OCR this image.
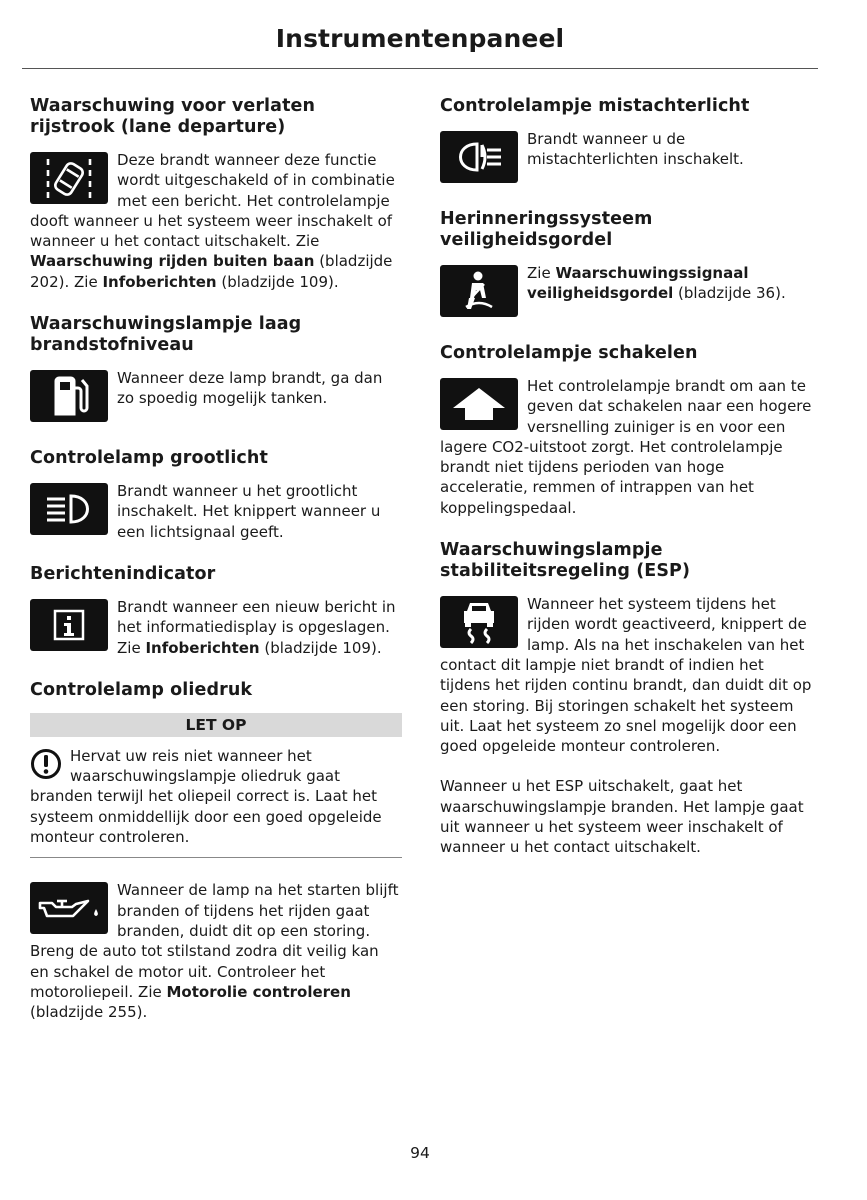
Instrumentenpaneel
Waarschuwing voor verlaten rijstrook (lane departure)

Deze brandt wanneer deze functie wordt uitgeschakeld of in combinatie met een bericht. Het controlelampje dooft wanneer u het systeem weer inschakelt of wanneer u het contact uitschakelt. Zie Waarschuwing rijden buiten baan (bladzijde 202). Zie Infoberichten (bladzijde 109).

Waarschuwingslampje laag brandstofniveau

Wanneer deze lamp brandt, ga dan zo spoedig mogelijk tanken.

Controlelamp grootlicht

Brandt wanneer u het grootlicht inschakelt. Het knippert wanneer u een lichtsignaal geeft.

Berichtenindicator

Brandt wanneer een nieuw bericht in het informatiedisplay is opgeslagen. Zie Infoberichten (bladzijde 109).

Controlelamp oliedruk
LET OP

Hervat uw reis niet wanneer het waarschuwingslampje oliedruk gaat branden terwijl het oliepeil correct is. Laat het systeem onmiddellijk door een goed opgeleide monteur controleren.

Wanneer de lamp na het starten blijft branden of tijdens het rijden gaat branden, duidt dit op een storing. Breng de auto tot stilstand zodra dit veilig kan en schakel de motor uit. Controleer het motoroliepeil. Zie Motorolie controleren (bladzijde 255).

Controlelampje mistachterlicht

Brandt wanneer u de mistachterlichten inschakelt.

Herinneringssysteem veiligheidsgordel

Zie Waarschuwingssignaal veiligheidsgordel (bladzijde 36).

Controlelampje schakelen

Het controlelampje brandt om aan te geven dat schakelen naar een hogere versnelling zuiniger is en voor een lagere CO2-uitstoot zorgt. Het controlelampje brandt niet tijdens perioden van hoge acceleratie, remmen of intrappen van het koppelingspedaal.

Waarschuwingslampje stabiliteitsregeling (ESP)

Wanneer het systeem tijdens het rijden wordt geactiveerd, knippert de lamp. Als na het inschakelen van het contact dit lampje niet brandt of indien het tijdens het rijden continu brandt, dan duidt dit op een storing. Bij storingen schakelt het systeem uit. Laat het systeem zo snel mogelijk door een goed opgeleide monteur controleren.

Wanneer u het ESP uitschakelt, gaat het waarschuwingslampje branden. Het lampje gaat uit wanneer u het systeem weer inschakelt of wanneer u het contact uitschakelt.

94
